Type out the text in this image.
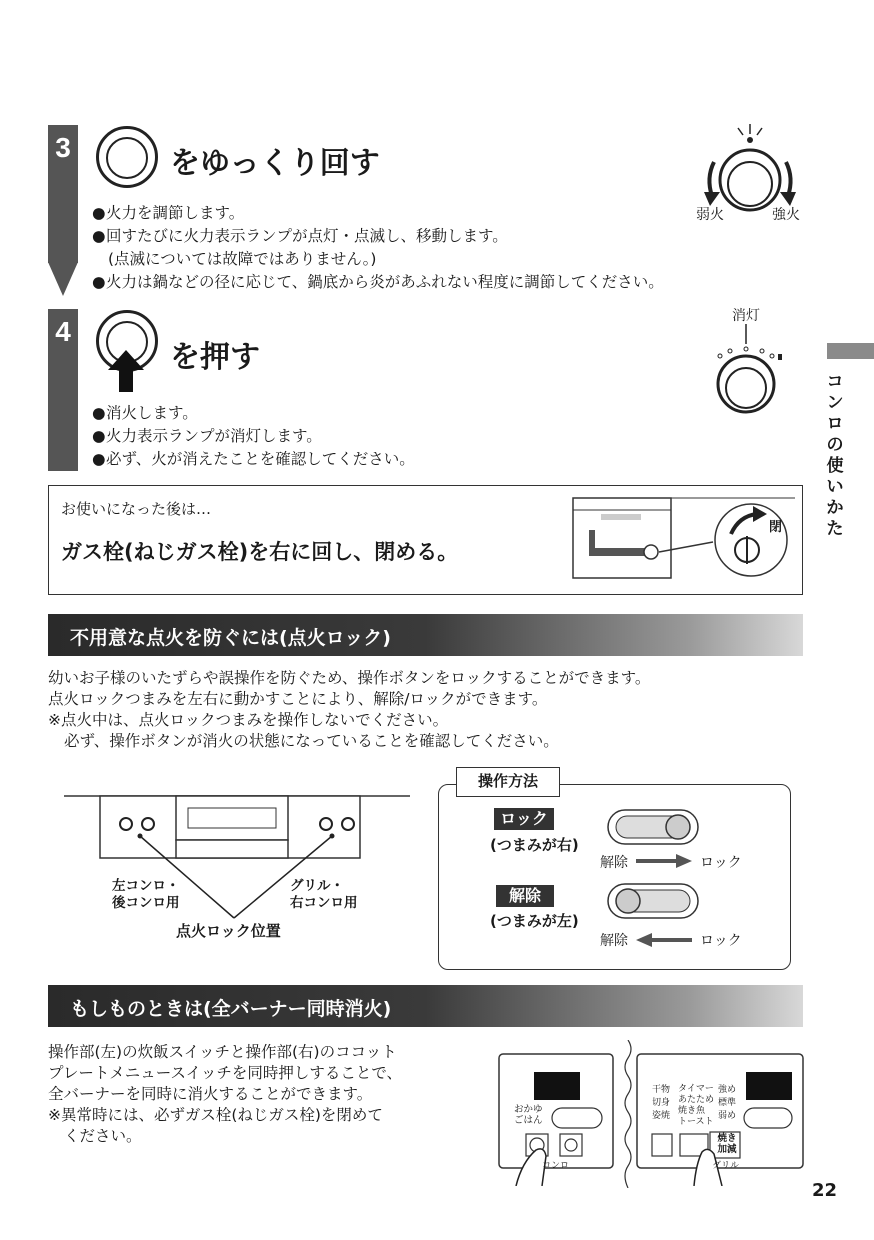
3	をゆっくり回す
● 火力を調節します。
● 回すたびに火力表示ランプが点灯・点滅し、移動します。
(点滅については故障ではありません。)
● 火力は鍋などの径に応じて、鍋底から炎があふれない程度に調節してください。
弱火	強火
4
を押す
● 消火します。
● 火力表示ランプが消灯します。
● 必ず、火が消えたことを確認してください。
消灯
コンロの使いかた
お使いになった後は…
ガス栓(ねじガス栓)を右に回し、閉める。
閉
不用意な点火を防ぐには(点火ロック)
幼いお子様のいたずらや誤操作を防ぐため、操作ボタンをロックすることができます。
点火ロックつまみを左右に動かすことにより、解除/ロックができます。
※点火中は、点火ロックつまみを操作しないでください。
必ず、操作ボタンが消火の状態になっていることを確認してください。
左コンロ・
後コンロ用
グリル・
右コンロ用
点火ロック位置
操作方法
ロック
(つまみが右)
解除	ロック
解除
(つまみが左)
解除	ロック
もしものときは(全バーナー同時消火)
操作部(左)の炊飯スイッチと操作部(右)のココット
プレートメニュースイッチを同時押しすることで、
全バーナーを同時に消火することができます。
※異常時には、必ずガス栓(ねじガス栓)を閉めて
ください。
おかゆ
ごはん
コンロ
干物
切身
姿焼
タイマー
あたため
焼き魚
トースト
強め
標準
弱め
焼き
加減
グリル
22
